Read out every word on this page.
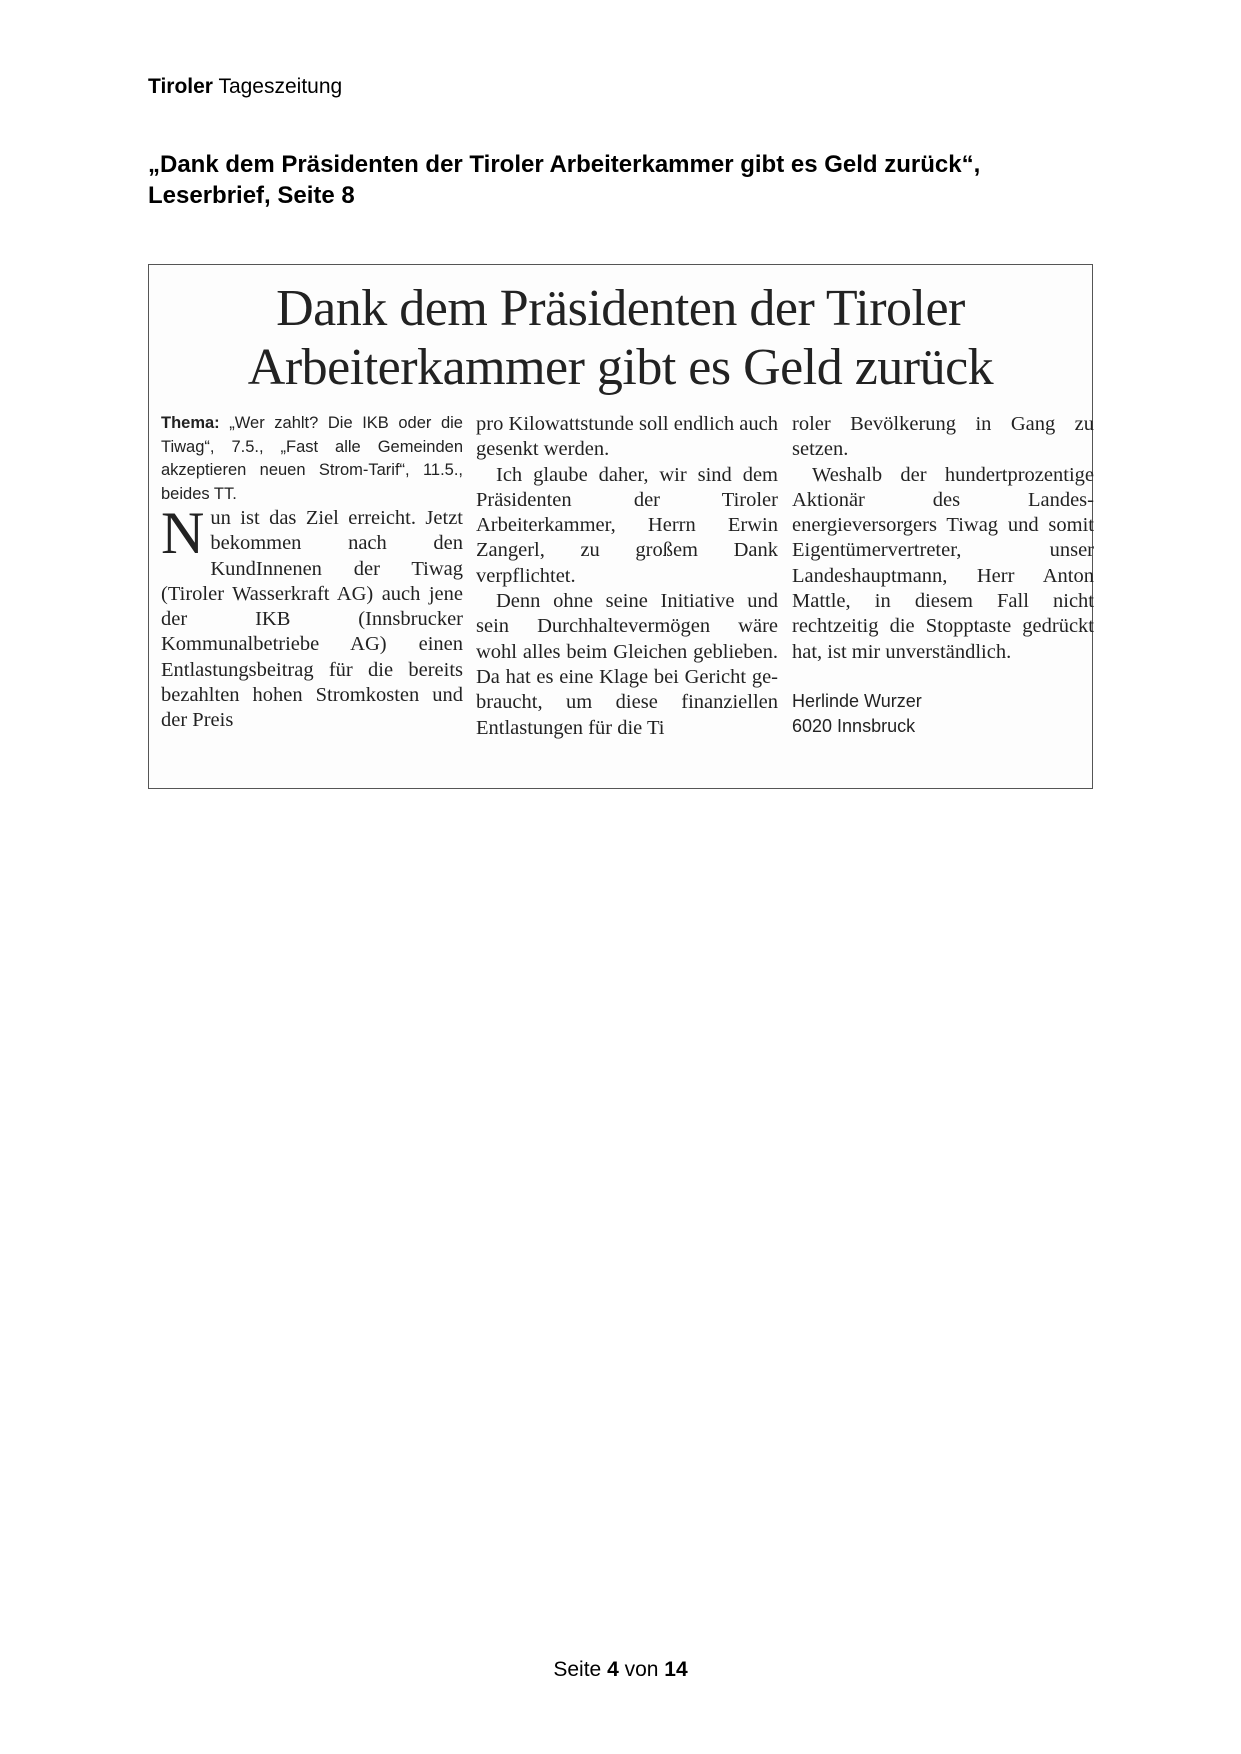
Tiroler Tageszeitung
„Dank dem Präsidenten der Tiroler Arbeiterkammer gibt es Geld zurück“,
Leserbrief, Seite 8
Dank dem Präsidenten der Tiroler
Arbeiterkammer gibt es Geld zurück

Thema: „Wer zahlt? Die IKB oder die Tiwag“, 7.5., „Fast alle Gemeinden akzeptieren neuen Strom-Tarif“, 11.5., beides TT.

N un ist das Ziel erreicht. Jetzt bekommen nach den KundInnenen der Tiwag (Tiroler Wasserkraft AG) auch jene der IKB (Innsbrucker Kommunalbetriebe AG) einen Entlastungsbeitrag für die bereits bezahlten hohen Stromkosten und der Preis

pro Kilowattstunde soll endlich auch gesenkt werden.

Ich glaube daher, wir sind dem Präsidenten der Tiroler Arbeiterkammer, Herrn Erwin Zangerl, zu großem Dank verpflichtet.

Denn ohne seine Initiative und sein Durchhaltevermögen wäre wohl alles beim Gleichen geblieben. Da hat es eine Klage bei Gericht gebraucht, um diese finanziellen Entlastungen für die Ti

roler Bevölkerung in Gang zu setzen.

Weshalb der hundertprozentige Aktionär des Landesenergieversorgers Tiwag und somit Eigentümervertreter, unser Landeshauptmann, Herr Anton Mattle, in diesem Fall nicht rechtzeitig die Stopptaste gedrückt hat, ist mir unverständlich.

Herlinde Wurzer
6020 Innsbruck
Seite 4 von 14
